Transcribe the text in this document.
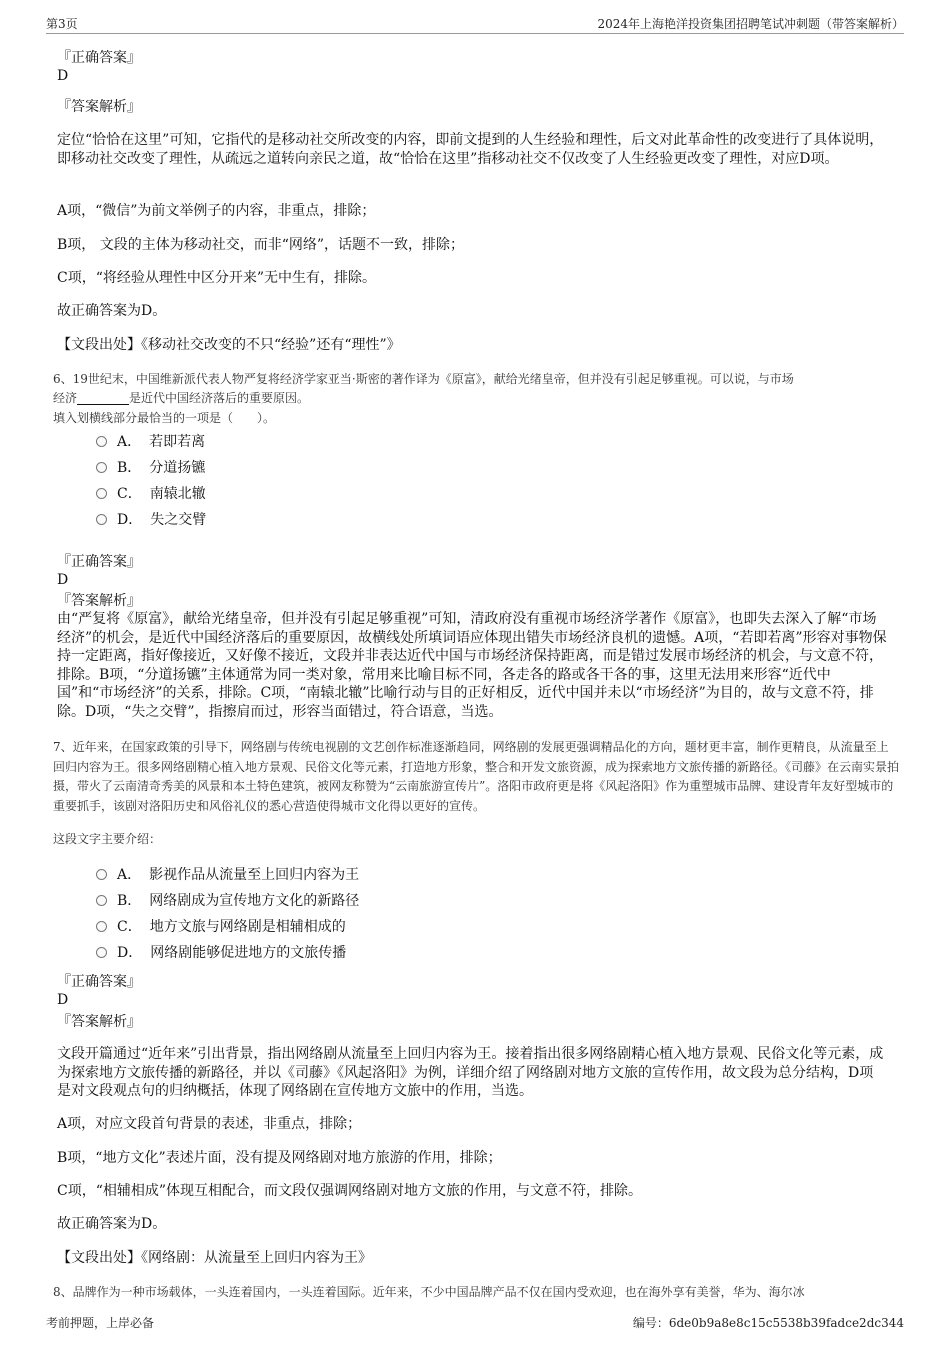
第3页	2024年上海艳洋投资集团招聘笔试冲刺题（带答案解析）
『正确答案』
D
『答案解析』
定位“恰恰在这里”可知，它指代的是移动社交所改变的内容，即前文提到的人生经验和理性，后文对此革命性的改变进行了具体说明，即移动社交改变了理性，从疏远之道转向亲民之道，故“恰恰在这里”指移动社交不仅改变了人生经验更改变了理性，对应D项。
A项，“微信”为前文举例子的内容，非重点，排除；
B项， 文段的主体为移动社交，而非“网络”，话题不一致，排除；
C项，“将经验从理性中区分开来”无中生有，排除。
故正确答案为D。
【文段出处】《移动社交改变的不只“经验”还有“理性”》
6、19世纪末，中国维新派代表人物严复将经济学家亚当·斯密的著作译为《原富》，献给光绪皇帝，但并没有引起足够重视。可以说，与市场
经济	是近代中国经济落后的重要原因。
填入划横线部分最恰当的一项是（　　）。
A． 若即若离
B． 分道扬镳
C． 南辕北辙
D． 失之交臂
『正确答案』
D
『答案解析』
由“严复将《原富》，献给光绪皇帝，但并没有引起足够重视”可知，清政府没有重视市场经济学著作《原富》，也即失去深入了解“市场经济”的机会，是近代中国经济落后的重要原因，故横线处所填词语应体现出错失市场经济良机的遗憾。A项，“若即若离”形容对事物保持一定距离，指好像接近，又好像不接近，文段并非表达近代中国与市场经济保持距离，而是错过发展市场经济的机会，与文意不符，排除。B项，“分道扬镳”主体通常为同一类对象，常用来比喻目标不同，各走各的路或各干各的事，这里无法用来形容“近代中国”和“市场经济”的关系，排除。C项，“南辕北辙”比喻行动与目的正好相反，近代中国并未以“市场经济”为目的，故与文意不符，排除。D项，“失之交臂”，指擦肩而过，形容当面错过，符合语意，当选。
7、近年来，在国家政策的引导下，网络剧与传统电视剧的文艺创作标准逐渐趋同，网络剧的发展更强调精品化的方向，题材更丰富，制作更精良，从流量至上回归内容为王。很多网络剧精心植入地方景观、民俗文化等元素，打造地方形象，整合和开发文旅资源，成为探索地方文旅传播的新路径。《司藤》在云南实景拍摄，带火了云南清奇秀美的风景和本土特色建筑，被网友称赞为“云南旅游宣传片”。洛阳市政府更是将《风起洛阳》作为重塑城市品牌、建设青年友好型城市的重要抓手，该剧对洛阳历史和风俗礼仪的悉心营造使得城市文化得以更好的宣传。
这段文字主要介绍：
A． 影视作品从流量至上回归内容为王
B． 网络剧成为宣传地方文化的新路径
C． 地方文旅与网络剧是相辅相成的
D． 网络剧能够促进地方的文旅传播
『正确答案』
D
『答案解析』
文段开篇通过“近年来”引出背景，指出网络剧从流量至上回归内容为王。接着指出很多网络剧精心植入地方景观、民俗文化等元素，成为探索地方文旅传播的新路径，并以《司藤》《风起洛阳》为例，详细介绍了网络剧对地方文旅的宣传作用，故文段为总分结构，D项是对文段观点句的归纳概括，体现了网络剧在宣传地方文旅中的作用，当选。
A项，对应文段首句背景的表述，非重点，排除；
B项，“地方文化”表述片面，没有提及网络剧对地方旅游的作用，排除；
C项，“相辅相成”体现互相配合，而文段仅强调网络剧对地方文旅的作用，与文意不符，排除。
故正确答案为D。
【文段出处】《网络剧：从流量至上回归内容为王》
8、品牌作为一种市场载体，一头连着国内，一头连着国际。近年来，不少中国品牌产品不仅在国内受欢迎，也在海外享有美誉，华为、海尔冰
考前押题，上岸必备	编号：6de0b9a8e8c15c5538b39fadce2dc344
